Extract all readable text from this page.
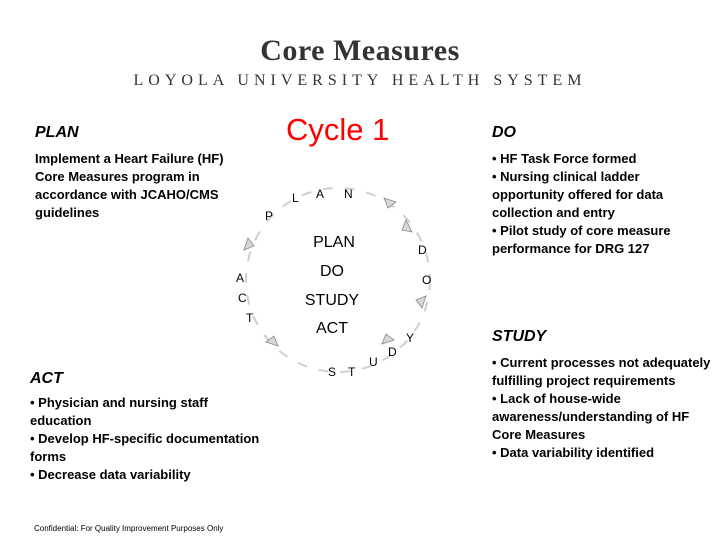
Core Measures
LOYOLA UNIVERSITY HEALTH SYSTEM
PLAN
Implement a Heart Failure (HF) Core Measures program in accordance with JCAHO/CMS guidelines
Cycle 1	DO
• HF Task Force formed
• Nursing clinical ladder opportunity offered for data collection and entry
• Pilot study of core measure performance for DRG 127
STUDY
• Current processes not adequately fulfilling project requirements
• Lack of house-wide awareness/understanding of HF Core Measures
• Data variability identified
ACT
• Physician and nursing staff education
• Develop HF-specific documentation forms
• Decrease data variability
P
L A N
D
O
S T
U
D
Y
A
C
T
PLAN
DO
STUDY
ACT
Confidential: For Quality Improvement Purposes Only
